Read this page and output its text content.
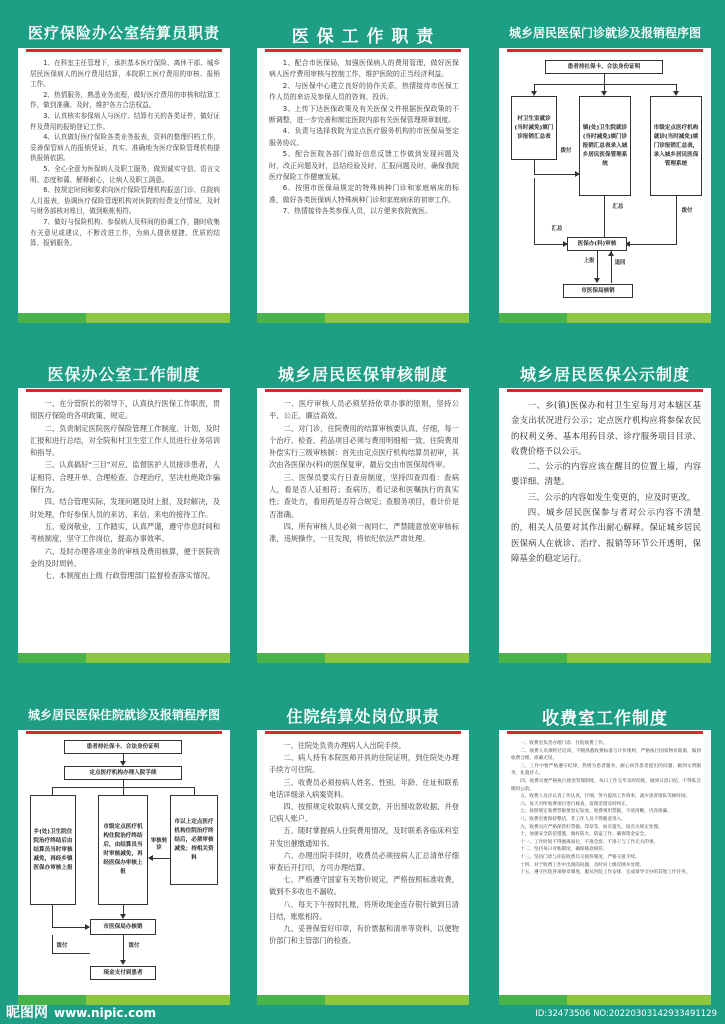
医疗保险办公室结算员职责

1、在科室主任管理下，承担基本医疗保险、离休干部、城乡居民医保病人的医疗费用结算，本院职工医疗费用的审核、报销工作。

2、热情服务，熟悉业务流程，做好医疗费用的审核和结算工作，做到准确、及时，维护各方合法权益。

3、认真核实参保病人与医疗、结算有关的各类证件，做好证件及费用的报销登记工作。

4、认真做好医疗保险各类业务报表，资料的整理归档工作，妥善保管病人的报销凭证，真实、准确地为医疗保险管理机构提供报销依据。

5、全心全意为医保病人及职工服务，做到诚实守信、语言文明、态度和蔼、解释耐心，让病人及职工满意。

6、按规定时间和要求向医疗保险管理机构报送门诊、住院病人月报表，协调医疗保险管理机构对医院的经费支付情况，及时与财务部核对账目，做到帐帐相符。

7、做好与保险机构、参保病人及科间的协调工作，随时收集有关意见或建议，不断改进工作，为病人提供便捷、优质的结算、报销服务。

医 保 工 作 职 责

1、配合市医保局，加强医保病人的费用管理，做好医保病人医疗费用审核与控制工作，维护医院的正当经济利益。

2、与医保中心建立良好的协作关系，热情接待市医保工作人员的来访及参保人员的咨询、投诉。

3、上传下达医保政策及有关医保文件根据医保政策的不断调整，进一步完善和制定医院内部有关医保管理规章制度。

4、负责与选择我院为定点医疗服务机构的市医保局签定服务协议。

5、配合医院各部门做好信息反馈工作做到发现问题及时，改正问题及时，总结经验及时，汇报问题及时，确保我院医疗保险工作健康发展。

6、按照市医保局规定的特殊病种门诊和家庭病床的标准，做好各类医保病人特殊病种门诊和家庭病床的初审工作。

7、热情接待各类参保人员，以方便来我院就医。

城乡居民医保门诊就诊及报销程序图
患者持社保卡、合法身份证明
村卫生室就诊(当时减免)填门诊报销汇总表
镇(处)卫生院就诊(当时减免)填门诊报销汇总表录入城乡居民医保管理系统
市级定点医疗机构就诊(当时减免)填门诊报销汇总表，录入城乡居民医保管理系统
拨付
汇总
拨付
汇总
医保办(科)审核
上报	退回
市医保局核销
医保办公室工作制度

一、在分管院长的领导下，认真执行医保工作职责，贯彻医疗保险的各项政策、规定。

二、负责制定医院医疗保险管理工作制度、计划，及时汇报和进行总结，对全院和村卫生室工作人员进行业务培训和指导。

三、认真搞好“三目”对应，监督医护人员接诊患者，人证相符、合理开单、合理检查、合理治疗，坚决杜绝欺诈骗保行为。

四、结合管理实际，发现问题及时上报，及时解决，及时处理，作好参保人员的来访、来信、来电的接待工作。

五、爱岗敬业，工作踏实，认真严谨，遵守作息时间和考核制度，坚守工作岗位，提高办事效率。

六、及时办理各项业务的审核及费用核算，便于医院资金的及时周转。

七、本制度由上级 行政管理部门监督检查落实情况。

城乡居民医保审核制度

一、医疗审核人员必须坚持依章办事的原则，坚持公平、公正、廉洁高效。

二、对门诊、住院费用的结算审核要认真、仔细，每一个治疗、检查、药品项目必须与费用明细相一致。住院费用补偿实行三级审核制：首先由定点医疗机构结算员初审，其次由各医保办(科)的医保复审，最后交由市医保局终审。

三、医保员要实行日查房制度，坚持四查四看：查病人，看是否人证相符；查病历，看记录和医嘱执行的真实性；查处方，看用药是否符合规定；查服务项目，看计价是否准确。

四、所有审核人员必须一视同仁，严禁随意放宽审核标准，违规操作，一旦发现，将依纪依法严肃处理。

城乡居民医保公示制度

一、乡(镇)医保办和村卫生室每月对本辖区基金支出状况进行公示；定点医疗机构应将参保农民的权利义务、基本用药目录、诊疗服务项目目录、收费价格予以公示。

二、公示的内容应该在醒目的位置上墙，内容要详细、清楚。

三、公示的内容如发生变更的，应及时更改。

四、城乡居民医保参与者对公示内容不清楚的，相关人员要对其作出耐心解释。保证城乡居民医保病人在就诊、治疗、报销等环节公开透明，保障基金的稳定运行。

城乡居民医保住院就诊及报销程序图
患者持社保卡、合法身份证明
定点医疗机构办理入院手续
乡(处)卫生院住院治疗终结后由结算员当时审核减免，再经乡镇医保办审核上报
市级定点医疗机构住院治疗终结后，由结算员当时审核减免，再经医保办审核上报
市以上定点医疗机构住院治疗终结后，必须审核减免；持相关资料
审核转诊
市医保局办核销
拨付	拨付
现金支付到患者
住院结算处岗位职责

一、住院处负责办理病人入出院手续。

二、病人持有本院医师开具的住院证明，到住院处办理手续方可住院。

三、收费员必须按病人姓名、性别、年龄、住址和联系电话详细录入病案资料。

四、按照规定收取病人预交款，开出预收款收据，并登记病人账户。

五、随时掌握病人住院费用情况，及时联系各临床科室开发出催缴通知书。

六、办理出院手续时，收费员必须按病人汇总清单仔细审查后开打印，方可办理结算。

七、严格遵守国家有关物价规定，严格按照标准收费，做到不多收也不漏收。

八、每天下午按时扎账，将所收现金连存银行做到日清日结，账账相符。

九、妥善保管好印章，有价票据和清单等资料，以便物价部门和主管部门的检查。

收费室工作制度

一、收费室负责办理门诊、住院收费工作。

二、收费人员须经过培训，不断熟悉收费标准与计价规则，严格执行国家物价政策，做到收费合理、准确无误。

三、工作中要严格遵守纪律，热情为患者服务，耐心回答患者提出的问题，做到文明服务，礼貌待人。

四、收费员要严格执行现金管理制度，每日工作完毕及时结账，做到日清日结，不得私自挪用公款。

五、收费人员应认真工作认真，仔细，努力提高工作效率，减少患者排队等候时间。

六、每天对所收费项目进行核查，发现差错及时纠正。

七、按照规定收费票据要登记发放，收费须用票据，字迹清晰，内容准确。

八、收费室要保持整洁，非工作人员不得随意进入。

九、收费员应严格保管好票据、印章等，如有遗失，按有关规定处理。

十、加强安全防范措施，做好防火、防盗工作，确保资金安全。

十一、工作时间不得擅离岗位，不准会客，不准干与工作无关的事。

十二、坚持每日对账制度，确保账款相符。

十三、坚持门诊与住院收费员交接班制度，严格交接手续。

十四、对于收费工作中出现的问题，及时向上级反映并处理。

十五、遵守医院各项规章制度，服从医院工作安排，完成领导交办的其他工作任务。

昵图网 www.nipic.com	ID:32473506 NO:20220303142933491129
